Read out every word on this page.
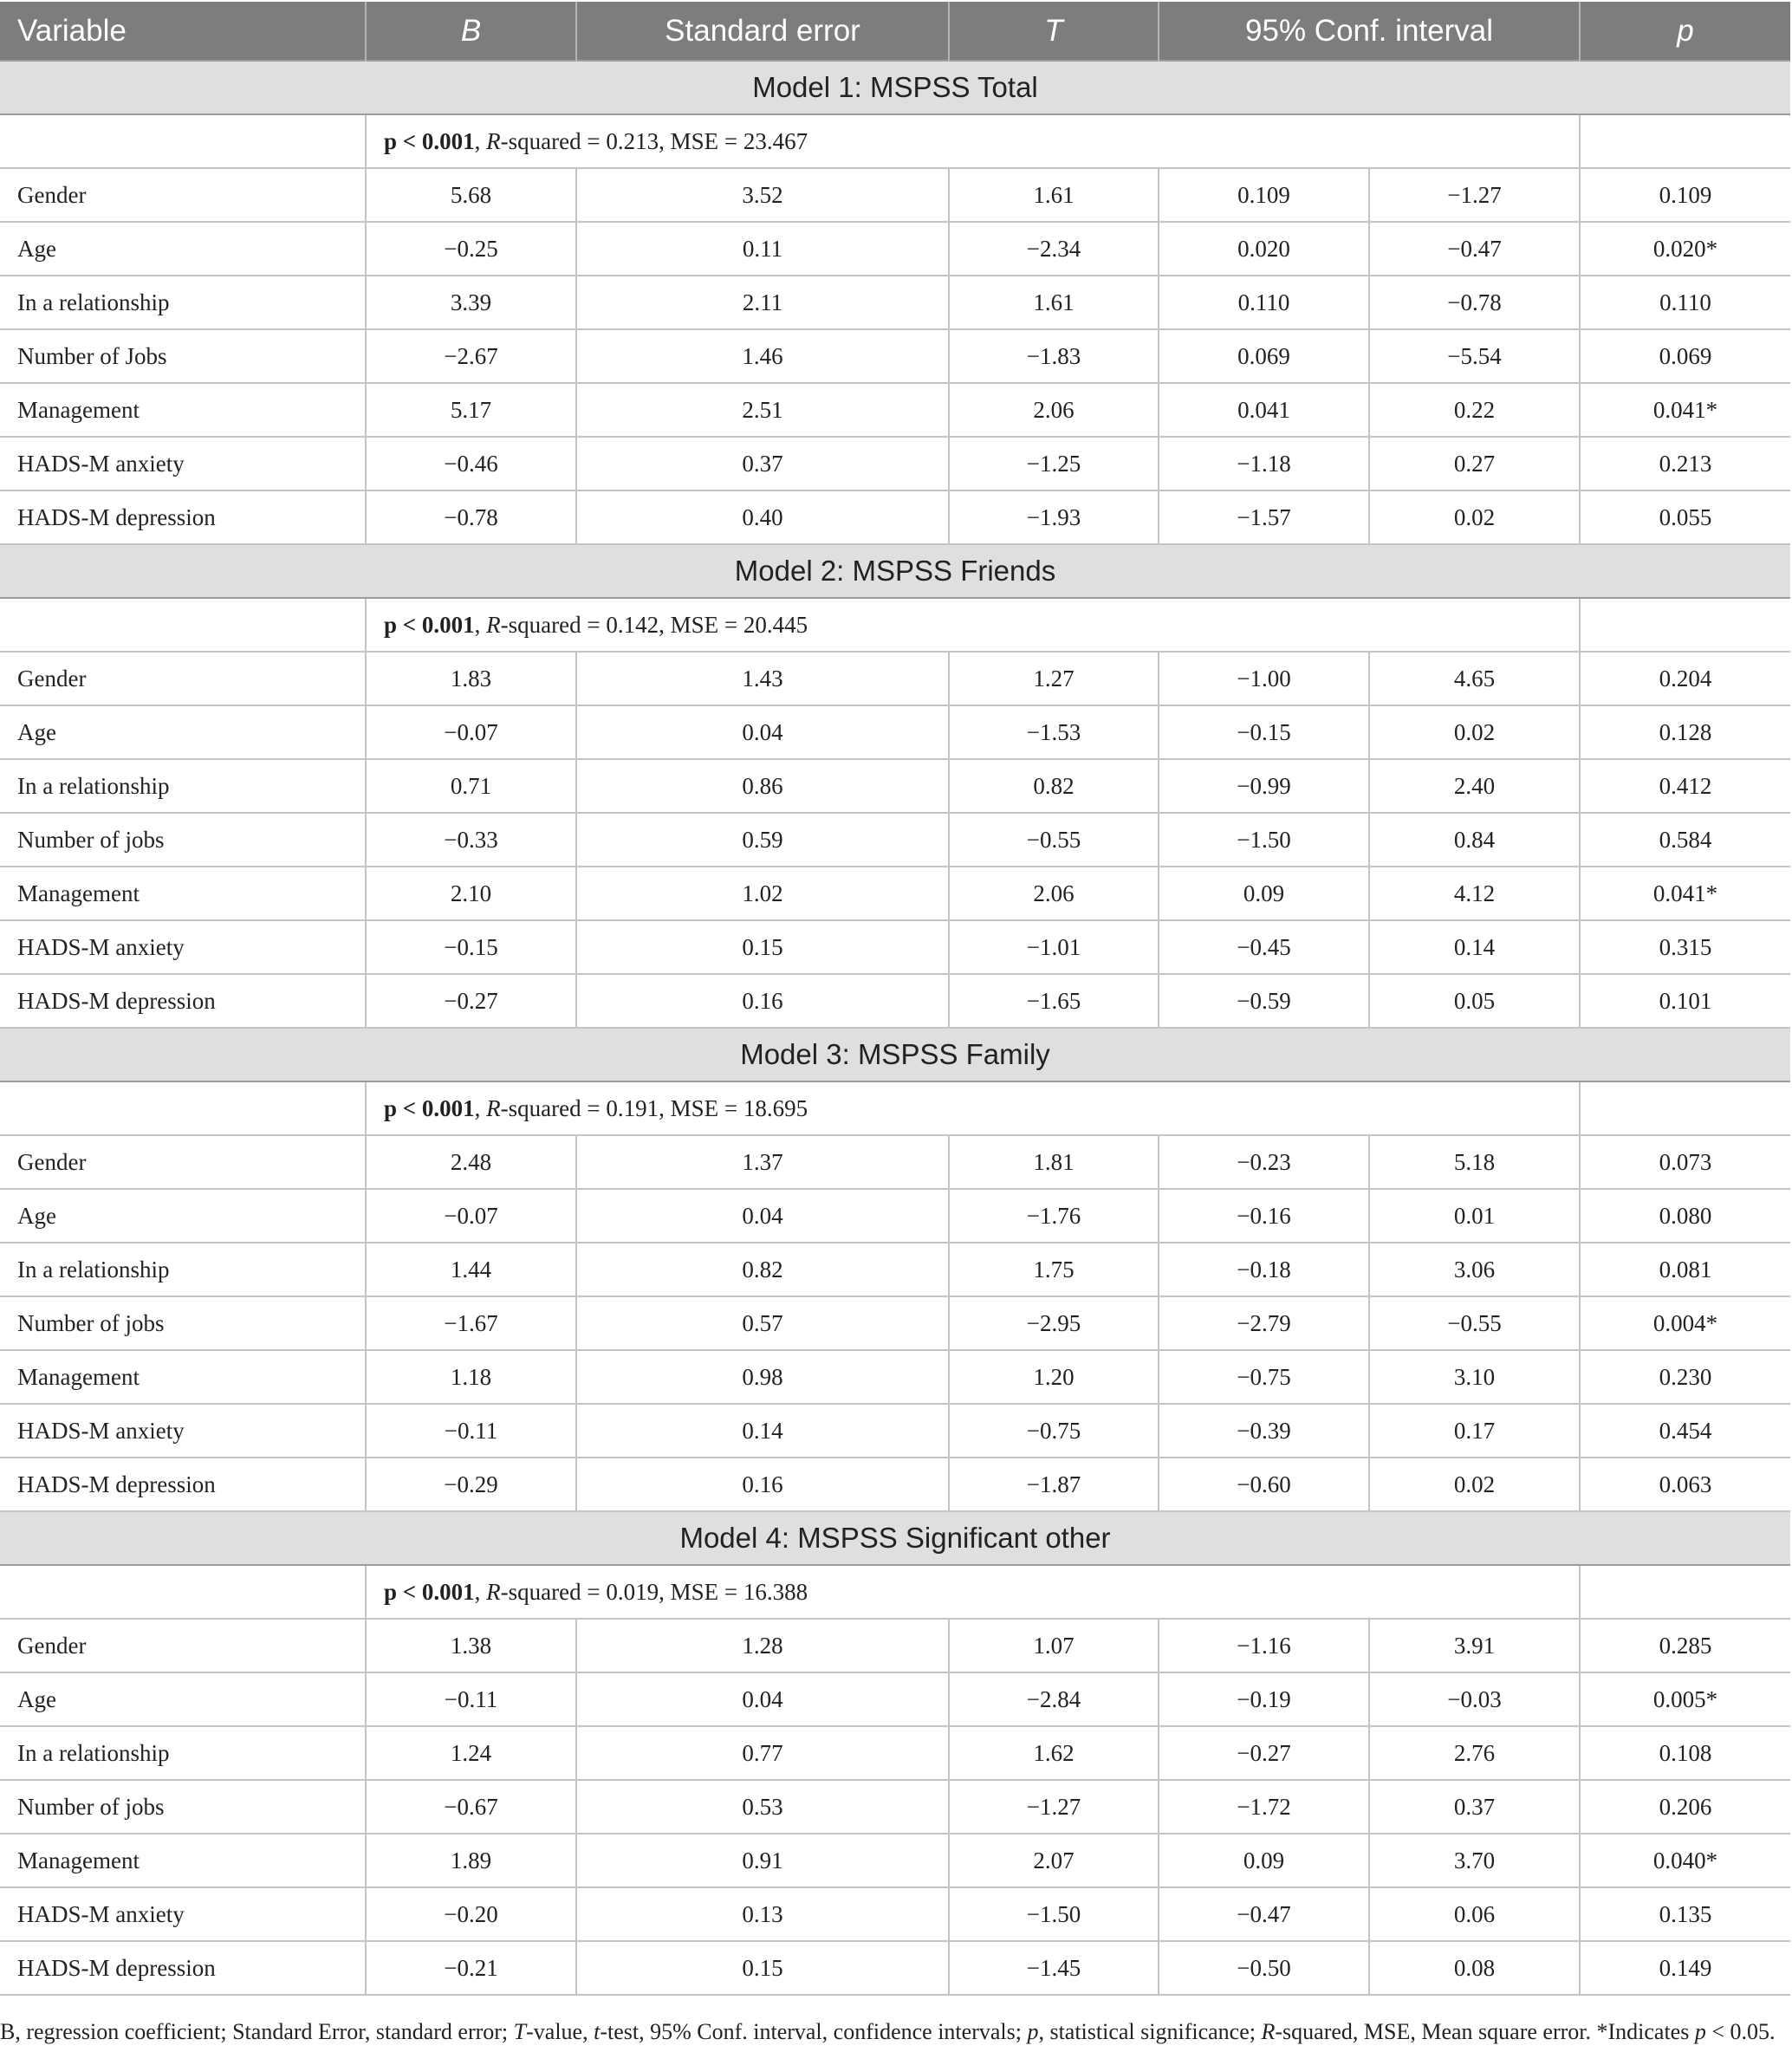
Variable	B	Standard error	T	95% Conf. interval		p
Model 1: MSPSS Total						
	p < 0.001, R-squared = 0.213, MSE = 23.467					
Gender	5.68	3.52	1.61	0.109	−1.27	0.109
Age	−0.25	0.11	−2.34	0.020	−0.47	0.020*
In a relationship	3.39	2.11	1.61	0.110	−0.78	0.110
Number of Jobs	−2.67	1.46	−1.83	0.069	−5.54	0.069
Management	5.17	2.51	2.06	0.041	0.22	0.041*
HADS-M anxiety	−0.46	0.37	−1.25	−1.18	0.27	0.213
HADS-M depression	−0.78	0.40	−1.93	−1.57	0.02	0.055
Model 2: MSPSS Friends						
	p < 0.001, R-squared = 0.142, MSE = 20.445					
Gender	1.83	1.43	1.27	−1.00	4.65	0.204
Age	−0.07	0.04	−1.53	−0.15	0.02	0.128
In a relationship	0.71	0.86	0.82	−0.99	2.40	0.412
Number of jobs	−0.33	0.59	−0.55	−1.50	0.84	0.584
Management	2.10	1.02	2.06	0.09	4.12	0.041*
HADS-M anxiety	−0.15	0.15	−1.01	−0.45	0.14	0.315
HADS-M depression	−0.27	0.16	−1.65	−0.59	0.05	0.101
Model 3: MSPSS Family						
	p < 0.001, R-squared = 0.191, MSE = 18.695					
Gender	2.48	1.37	1.81	−0.23	5.18	0.073
Age	−0.07	0.04	−1.76	−0.16	0.01	0.080
In a relationship	1.44	0.82	1.75	−0.18	3.06	0.081
Number of jobs	−1.67	0.57	−2.95	−2.79	−0.55	0.004*
Management	1.18	0.98	1.20	−0.75	3.10	0.230
HADS-M anxiety	−0.11	0.14	−0.75	−0.39	0.17	0.454
HADS-M depression	−0.29	0.16	−1.87	−0.60	0.02	0.063
Model 4: MSPSS Significant other						
	p < 0.001, R-squared = 0.019, MSE = 16.388					
Gender	1.38	1.28	1.07	−1.16	3.91	0.285
Age	−0.11	0.04	−2.84	−0.19	−0.03	0.005*
In a relationship	1.24	0.77	1.62	−0.27	2.76	0.108
Number of jobs	−0.67	0.53	−1.27	−1.72	0.37	0.206
Management	1.89	0.91	2.07	0.09	3.70	0.040*
HADS-M anxiety	−0.20	0.13	−1.50	−0.47	0.06	0.135
HADS-M depression	−0.21	0.15	−1.45	−0.50	0.08	0.149
B, regression coefficient; Standard Error, standard error; T-value, t-test, 95% Conf. interval, confidence intervals; p, statistical significance; R-squared, MSE, Mean square error. *Indicates p < 0.05.
